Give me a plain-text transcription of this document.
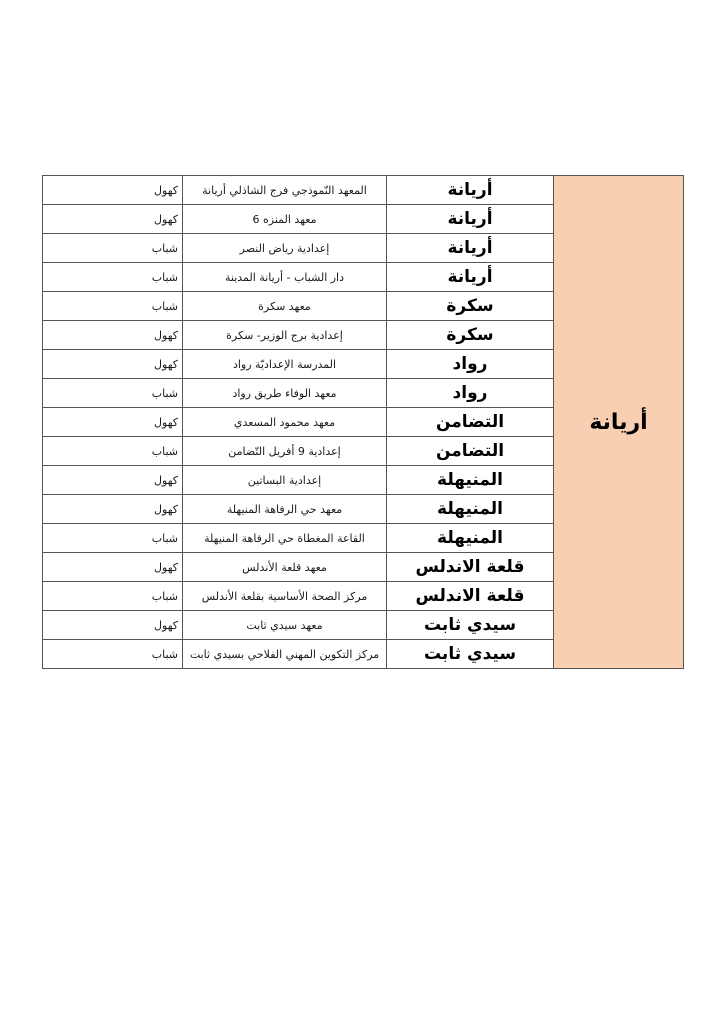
أريانة	أريانة	المعهد النّموذجي فرج الشاذلي أريانة	كهول
	أريانة	معهد المنزه 6	كهول
	أريانة	إعدادية رياض النصر	شباب
	أريانة	دار الشباب - أريانة المدينة	شباب
	سكرة	معهد سكرة	شباب
	سكرة	إعدادية برج الوزير- سكرة	كهول
	رواد	المدرسة الإعداديّة رواد	كهول
	رواد	معهد الوفاء طريق رواد	شباب
	التضامن	معهد محمود المسعدي	كهول
	التضامن	إعدادية 9 أفريل التّضامن	شباب
	المنيهلة	إعدادية البساتين	كهول
	المنيهلة	معهد حي الرفاهة المنيهلة	كهول
	المنيهلة	القاعة المغطاة حي الرفاهة المنيهلة	شباب
	قلعة الاندلس	معهد قلعة الأندلس	كهول
	قلعة الاندلس	مركز الصحة الأساسية بقلعة الأندلس	شباب
	سيدي ثابت	معهد سيدي ثابت	كهول
	سيدي ثابت	مركز التكوين المهني الفلاحي بسيدي ثابت	شباب
